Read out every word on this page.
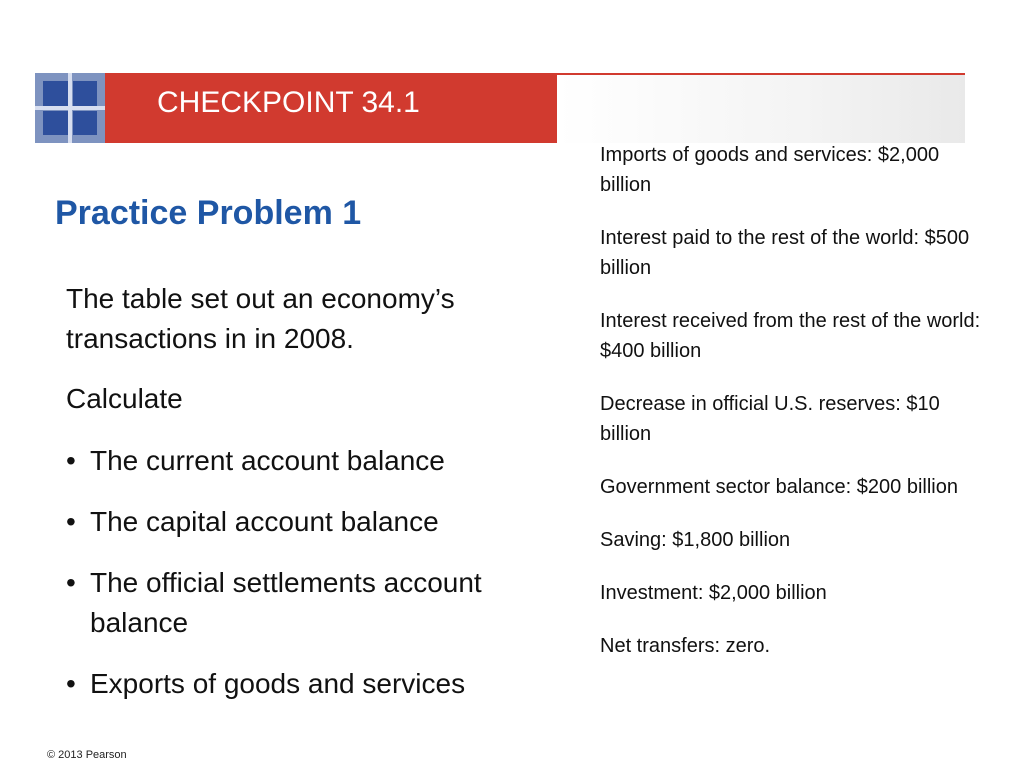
CHECKPOINT 34.1
Practice Problem 1
The table set out an economy’s transactions in in 2008.
Calculate
• The current account balance
• The capital account balance
• The official settlements account balance
• Exports of goods and services
Imports of goods and services: $2,000 billion
Interest paid to the rest of the world: $500 billion
Interest received from the rest of the world: $400 billion
Decrease in official U.S. reserves: $10 billion
Government sector balance: $200 billion
Saving: $1,800 billion
Investment: $2,000 billion
Net transfers: zero.
© 2013 Pearson
